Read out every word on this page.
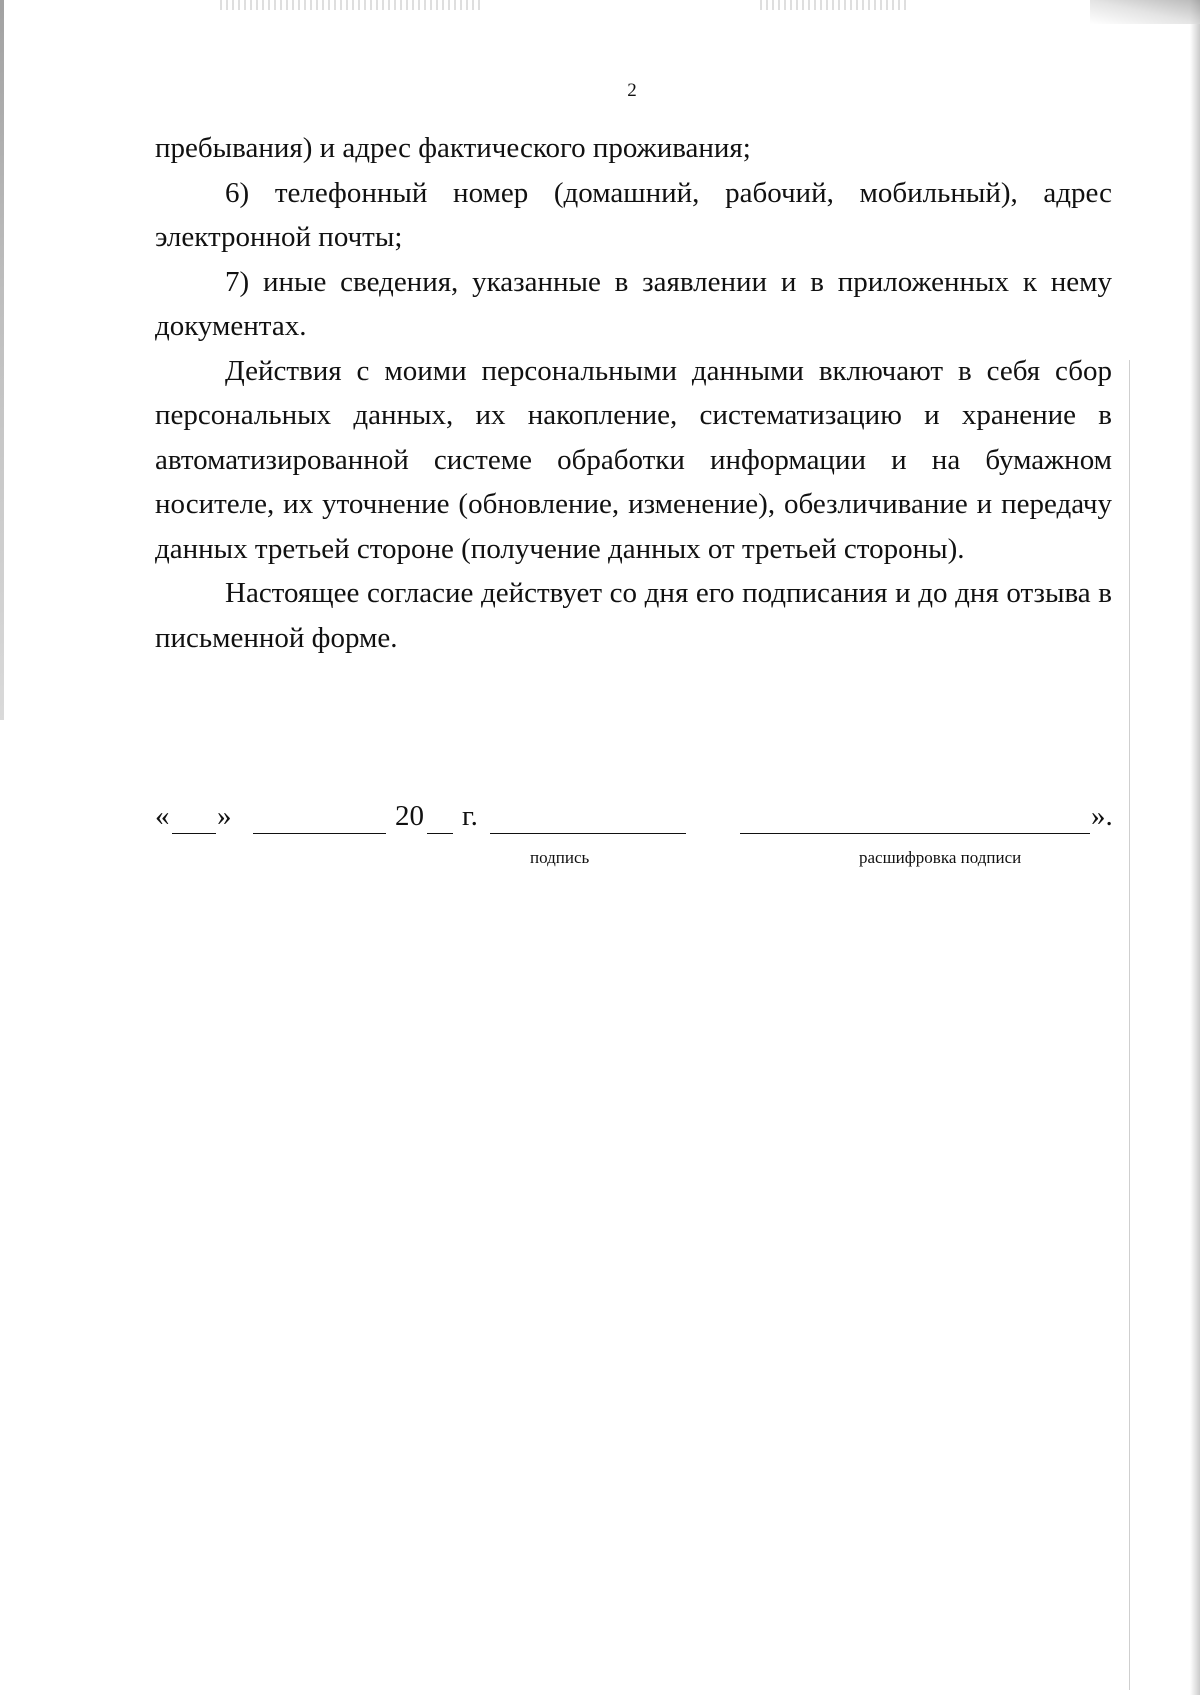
2

пребывания) и адрес фактического проживания;

6) телефонный номер (домашний, рабочий, мобильный), адрес электронной почты;

7) иные сведения, указанные в заявлении и в приложенных к нему документах.

Действия с моими персональными данными включают в себя сбор персональных данных, их накопление, систематизацию и хранение в автоматизированной системе обработки информации и на бумажном носителе, их уточнение (обновление, изменение), обезличивание и передачу данных третьей стороне (получение данных от третьей стороны).

Настоящее согласие действует со дня его подписания и до дня отзыва в письменной форме.

« »	20 г.	».
подпись	расшифровка подписи
